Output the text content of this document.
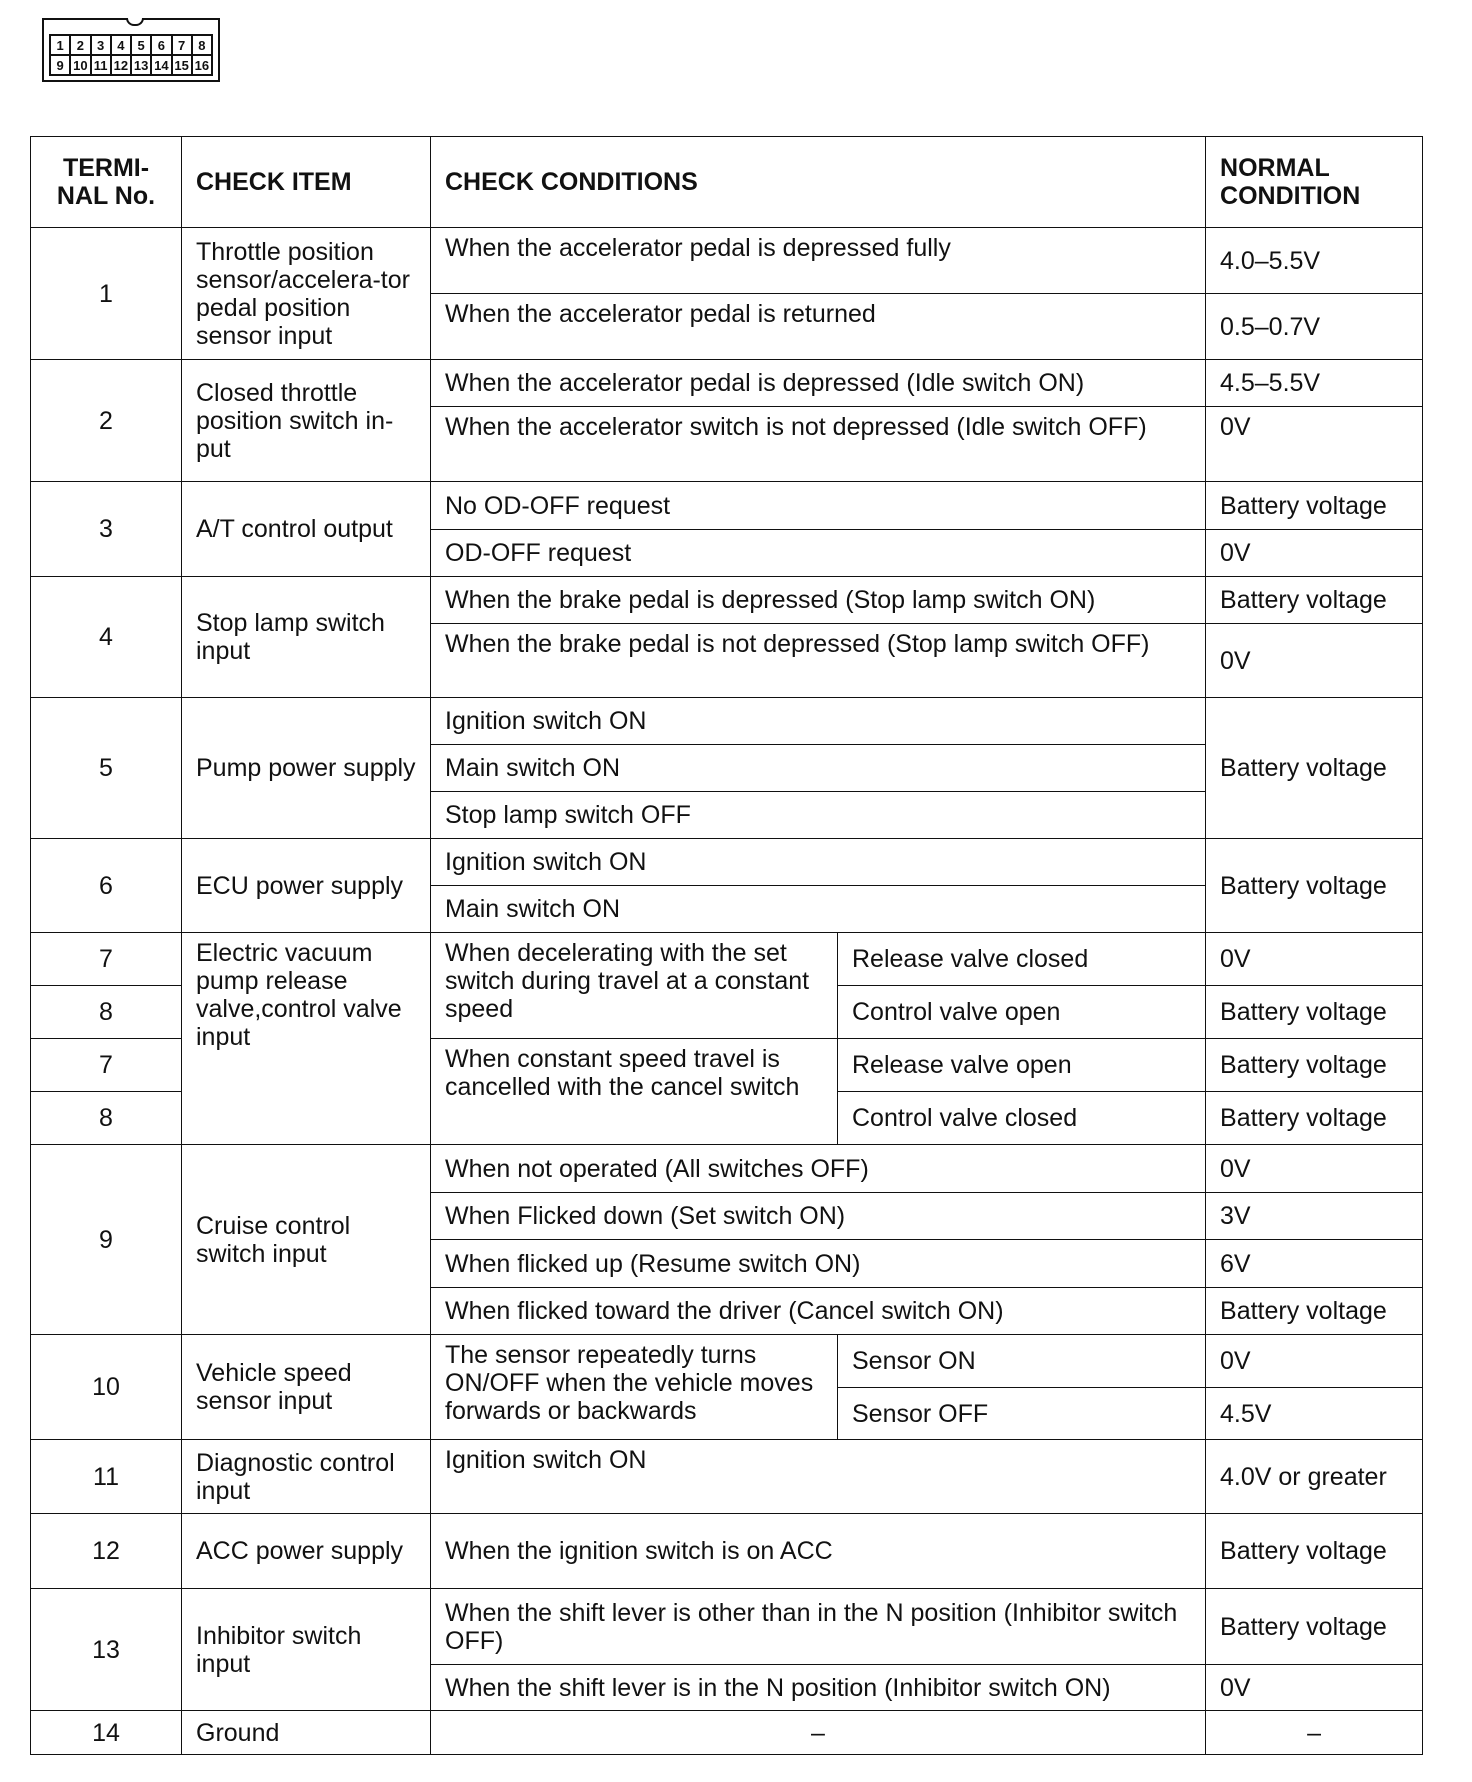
1	2	3	4	5	6	7	8
9 10 11 12 13 14 15 16
TERMI-
NAL No.	CHECK ITEM	CHECK CONDITIONS		NORMAL
CONDITION
1	Throttle position sensor/accelera-tor pedal position sensor input	When the accelerator pedal is depressed fully		4.0–5.5V
		When the accelerator pedal is returned		0.5–0.7V
2	Closed throttle position switch in-put	When the accelerator pedal is depressed (Idle switch ON)		4.5–5.5V
		When the accelerator switch is not depressed (Idle switch OFF)		0V
3	A/T control output	No OD-OFF request		Battery voltage
		OD-OFF request		0V
4	Stop lamp switch input	When the brake pedal is depressed (Stop lamp switch ON)		Battery voltage
		When the brake pedal is not depressed (Stop lamp switch OFF)		0V
5	Pump power supply	Ignition switch ON		Battery voltage
		Main switch ON		
		Stop lamp switch OFF		
6	ECU power supply	Ignition switch ON		Battery voltage
		Main switch ON		
7	Electric vacuum pump release valve,control valve input	When decelerating with the set switch during travel at a constant speed	Release valve closed	0V
8			Control valve open	Battery voltage
7		When constant speed travel is cancelled with the cancel switch	Release valve open	Battery voltage
8			Control valve closed	Battery voltage
9	Cruise control switch input	When not operated (All switches OFF)		0V
		When Flicked down (Set switch ON)		3V
		When flicked up (Resume switch ON)		6V
		When flicked toward the driver (Cancel switch ON)		Battery voltage
10	Vehicle speed sensor input	The sensor repeatedly turns ON/OFF when the vehicle moves forwards or backwards	Sensor ON	0V
			Sensor OFF	4.5V
11	Diagnostic control input	Ignition switch ON		4.0V or greater
12	ACC power supply	When the ignition switch is on ACC		Battery voltage
13	Inhibitor switch input	When the shift lever is other than in the N position (Inhibitor switch OFF)		Battery voltage
		When the shift lever is in the N position (Inhibitor switch ON)		0V
14	Ground	–		–
